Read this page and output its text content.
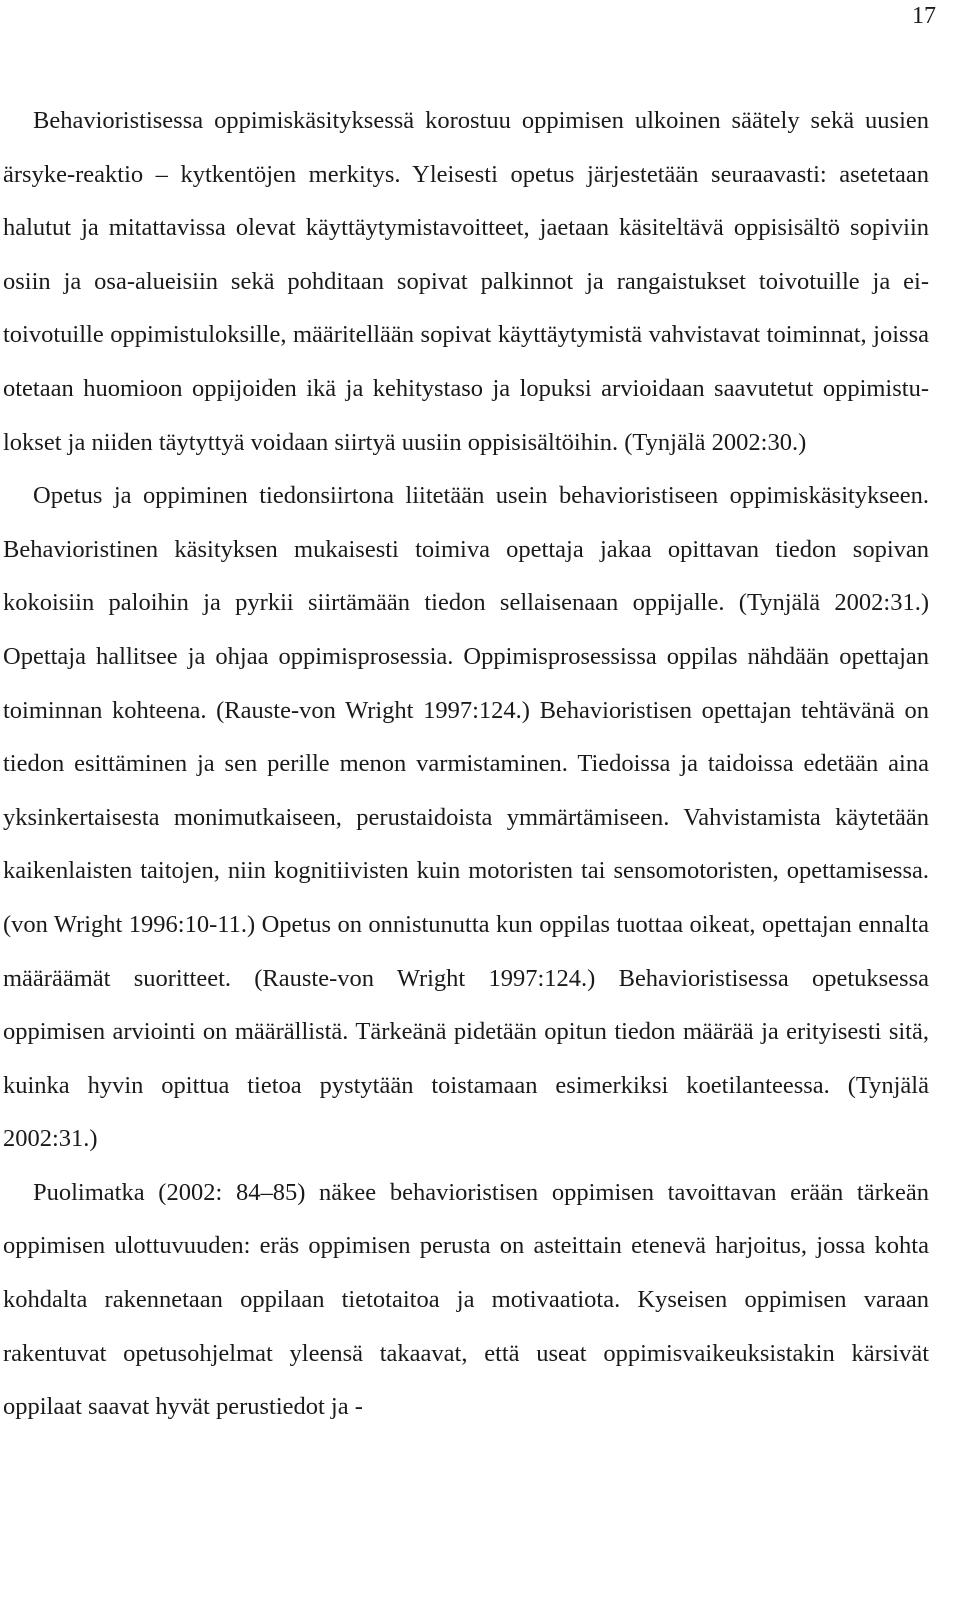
17

Behavioristisessa oppimiskäsityksessä korostuu oppimisen ulkoinen säätely sekä uusien ärsyke-reaktio – kytkentöjen merkitys. Yleisesti opetus järjestetään seuraavasti: asetetaan halutut ja mitattavissa olevat käyttäytymistavoitteet, jaetaan käsiteltävä oppisisältö sopiviin osiin ja osa-alueisiin sekä pohditaan sopivat palkinnot ja rangaistukset toivotuille ja ei-toivotuille oppimistuloksille, määritellään sopivat käyttäytymistä vahvistavat toiminnat, joissa otetaan huomioon oppijoiden ikä ja kehitystaso ja lopuksi arvioidaan saavutetut oppimistulokset ja niiden täytyttyä voidaan siirtyä uusiin oppisisältöihin. (Tynjälä 2002:30.)

Opetus ja oppiminen tiedonsiirtona liitetään usein behavioristiseen oppimiskäsitykseen. Behavioristinen käsityksen mukaisesti toimiva opettaja jakaa opittavan tiedon sopivan kokoisiin paloihin ja pyrkii siirtämään tiedon sellaisenaan oppijalle. (Tynjälä 2002:31.) Opettaja hallitsee ja ohjaa oppimisprosessia. Oppimisprosessissa oppilas nähdään opettajan toiminnan kohteena. (Rauste-von Wright 1997:124.) Behavioristisen opettajan tehtävänä on tiedon esittäminen ja sen perille menon varmistaminen. Tiedoissa ja taidoissa edetään aina yksinkertaisesta monimutkaiseen, perustaidoista ymmärtämiseen. Vahvistamista käytetään kaikenlaisten taitojen, niin kognitiivisten kuin motoristen tai sensomotoristen, opettamisessa. (von Wright 1996:10-11.) Opetus on onnistunutta kun oppilas tuottaa oikeat, opettajan ennalta määräämät suoritteet. (Rauste-von Wright 1997:124.) Behavioristisessa opetuksessa oppimisen arviointi on määrällistä. Tärkeänä pidetään opitun tiedon määrää ja erityisesti sitä, kuinka hyvin opittua tietoa pystytään toistamaan esimerkiksi koetilanteessa. (Tynjälä 2002:31.)

Puolimatka (2002: 84–85) näkee behavioristisen oppimisen tavoittavan erään tärkeän oppimisen ulottuvuuden: eräs oppimisen perusta on asteittain etenevä harjoitus, jossa kohta kohdalta rakennetaan oppilaan tietotaitoa ja motivaatiota. Kyseisen oppimisen varaan rakentuvat opetusohjelmat yleensä takaavat, että useat oppimisvaikeuksistakin kärsivät oppilaat saavat hyvät perustiedot ja -
